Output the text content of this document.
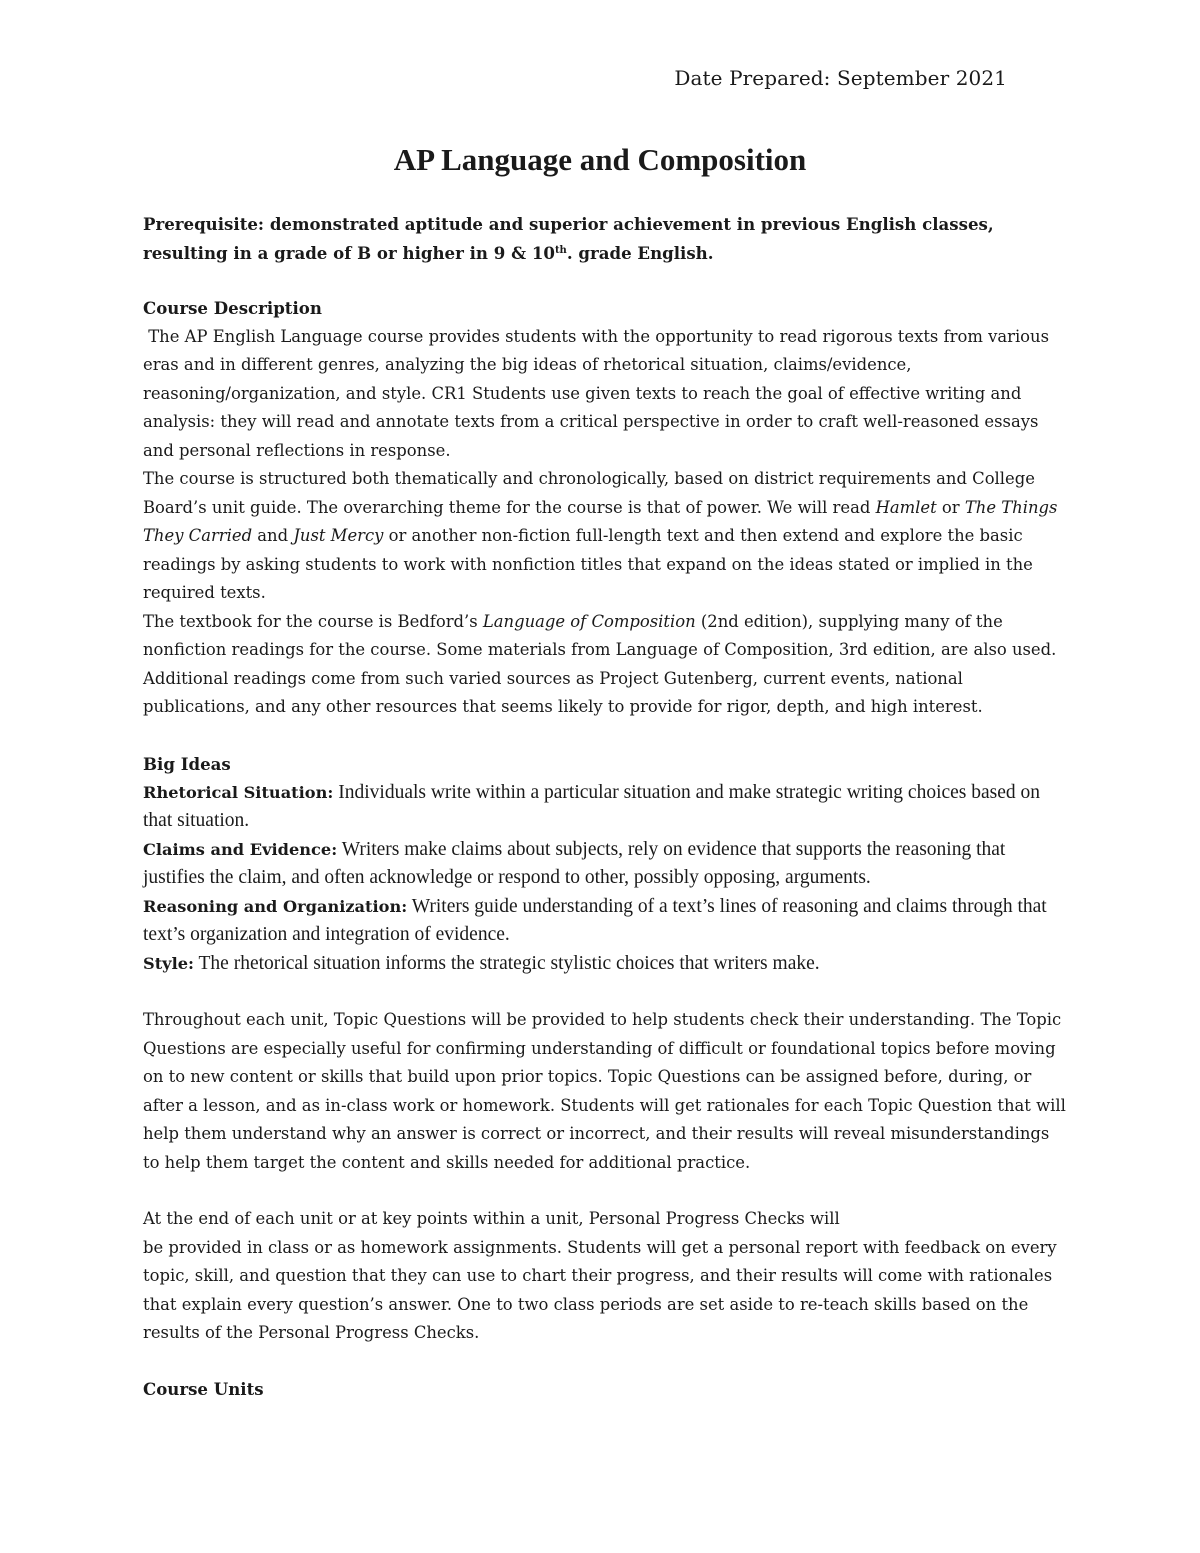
Date Prepared: September 2021
AP Language and Composition
Prerequisite: demonstrated aptitude and superior achievement in previous English classes,
resulting in a grade of B or higher in 9 & 10th. grade English.
Course Description

The AP English Language course provides students with the opportunity to read rigorous texts from various eras and in different genres, analyzing the big ideas of rhetorical situation, claims/evidence, reasoning/organization, and style. CR1 Students use given texts to reach the goal of effective writing and analysis: they will read and annotate texts from a critical perspective in order to craft well-reasoned essays and personal reflections in response.

The course is structured both thematically and chronologically, based on district requirements and College Board’s unit guide. The overarching theme for the course is that of power. We will read Hamlet or The Things They Carried and Just Mercy or another non-fiction full-length text and then extend and explore the basic readings by asking students to work with nonfiction titles that expand on the ideas stated or implied in the required texts.

The textbook for the course is Bedford’s Language of Composition (2nd edition), supplying many of the nonfiction readings for the course. Some materials from Language of Composition, 3rd edition, are also used. Additional readings come from such varied sources as Project Gutenberg, current events, national publications, and any other resources that seems likely to provide for rigor, depth, and high interest.

Big Ideas

Rhetorical Situation: Individuals write within a particular situation and make strategic writing choices based on that situation.

Claims and Evidence: Writers make claims about subjects, rely on evidence that supports the reasoning that justifies the claim, and often acknowledge or respond to other, possibly opposing, arguments.

Reasoning and Organization: Writers guide understanding of a text’s lines of reasoning and claims through that text’s organization and integration of evidence.

Style: The rhetorical situation informs the strategic stylistic choices that writers make.

Throughout each unit, Topic Questions will be provided to help students check their understanding. The Topic Questions are especially useful for confirming understanding of difficult or foundational topics before moving on to new content or skills that build upon prior topics. Topic Questions can be assigned before, during, or after a lesson, and as in-class work or homework. Students will get rationales for each Topic Question that will help them understand why an answer is correct or incorrect, and their results will reveal misunderstandings to help them target the content and skills needed for additional practice.

At the end of each unit or at key points within a unit, Personal Progress Checks will

be provided in class or as homework assignments. Students will get a personal report with feedback on every topic, skill, and question that they can use to chart their progress, and their results will come with rationales that explain every question’s answer. One to two class periods are set aside to re-teach skills based on the results of the Personal Progress Checks.

Course Units
